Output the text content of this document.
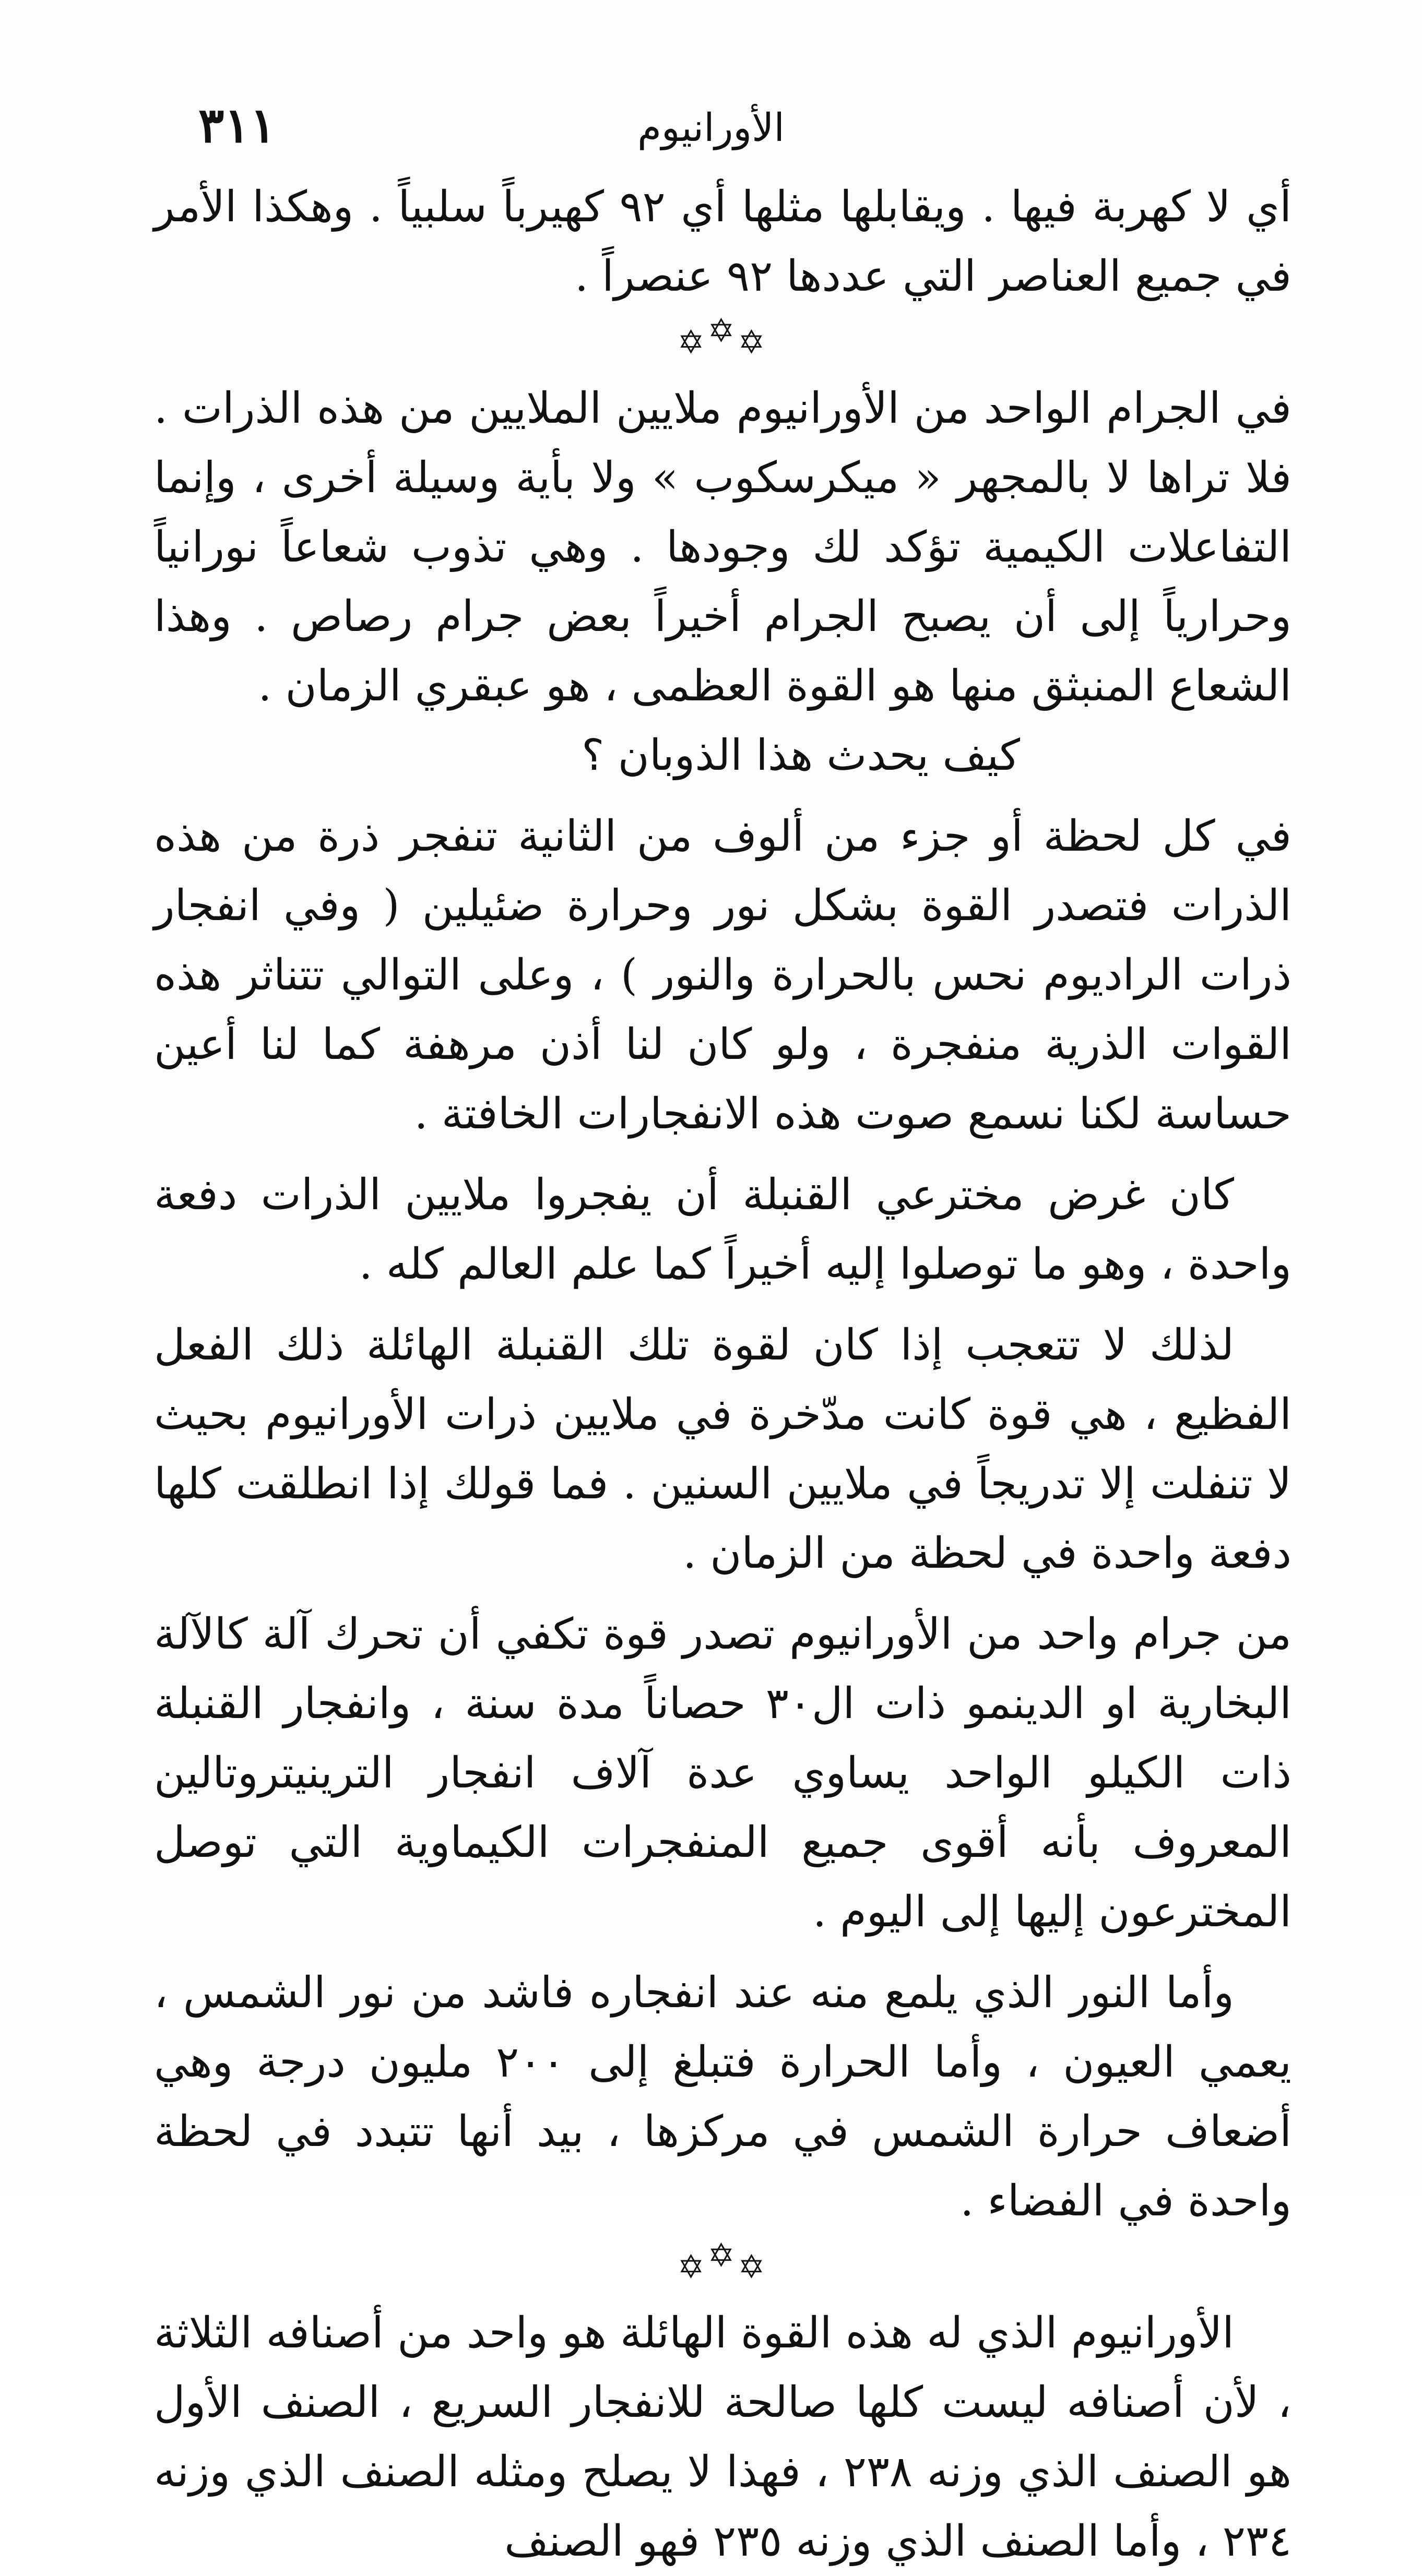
الأورانيوم
٣١١

أي لا كهربة فيها . ويقابلها مثلها أي ٩٢ كهيرباً سلبياً . وهكذا الأمر في جميع العناصر التي عددها ٩٢ عنصراً .

✡✡✡

في الجرام الواحد من الأورانيوم ملايين الملايين من هذه الذرات . فلا تراها لا بالمجهر « ميكرسكوب » ولا بأية وسيلة أخرى ، وإنما التفاعلات الكيمية تؤكد لك وجودها . وهي تذوب شعاعاً نورانياً وحرارياً إلى أن يصبح الجرام أخيراً بعض جرام رصاص . وهذا الشعاع المنبثق منها هو القوة العظمى ، هو عبقري الزمان .

كيف يحدث هذا الذوبان ؟

في كل لحظة أو جزء من ألوف من الثانية تنفجر ذرة من هذه الذرات فتصدر القوة بشكل نور وحرارة ضئيلين ( وفي انفجار ذرات الراديوم نحس بالحرارة والنور ) ، وعلى التوالي تتناثر هذه القوات الذرية منفجرة ، ولو كان لنا أذن مرهفة كما لنا أعين حساسة لكنا نسمع صوت هذه الانفجارات الخافتة .

كان غرض مخترعي القنبلة أن يفجروا ملايين الذرات دفعة واحدة ، وهو ما توصلوا إليه أخيراً كما علم العالم كله .

لذلك لا تتعجب إذا كان لقوة تلك القنبلة الهائلة ذلك الفعل الفظيع ، هي قوة كانت مدّخرة في ملايين ذرات الأورانيوم بحيث لا تنفلت إلا تدريجاً في ملايين السنين . فما قولك إذا انطلقت كلها دفعة واحدة في لحظة من الزمان .

من جرام واحد من الأورانيوم تصدر قوة تكفي أن تحرك آلة كالآلة البخارية او الدينمو ذات ال٣٠ حصاناً مدة سنة ، وانفجار القنبلة ذات الكيلو الواحد يساوي عدة آلاف انفجار الترينيتروتالين المعروف بأنه أقوى جميع المنفجرات الكيماوية التي توصل المخترعون إليها إلى اليوم .

وأما النور الذي يلمع منه عند انفجاره فاشد من نور الشمس ، يعمي العيون ، وأما الحرارة فتبلغ إلى ٢٠٠ مليون درجة وهي أضعاف حرارة الشمس في مركزها ، بيد أنها تتبدد في لحظة واحدة في الفضاء .

✡✡✡

الأورانيوم الذي له هذه القوة الهائلة هو واحد من أصنافه الثلاثة ، لأن أصنافه ليست كلها صالحة للانفجار السريع ، الصنف الأول هو الصنف الذي وزنه ٢٣٨ ، فهذا لا يصلح ومثله الصنف الذي وزنه ٢٣٤ ، وأما الصنف الذي وزنه ٢٣٥ فهو الصنف
